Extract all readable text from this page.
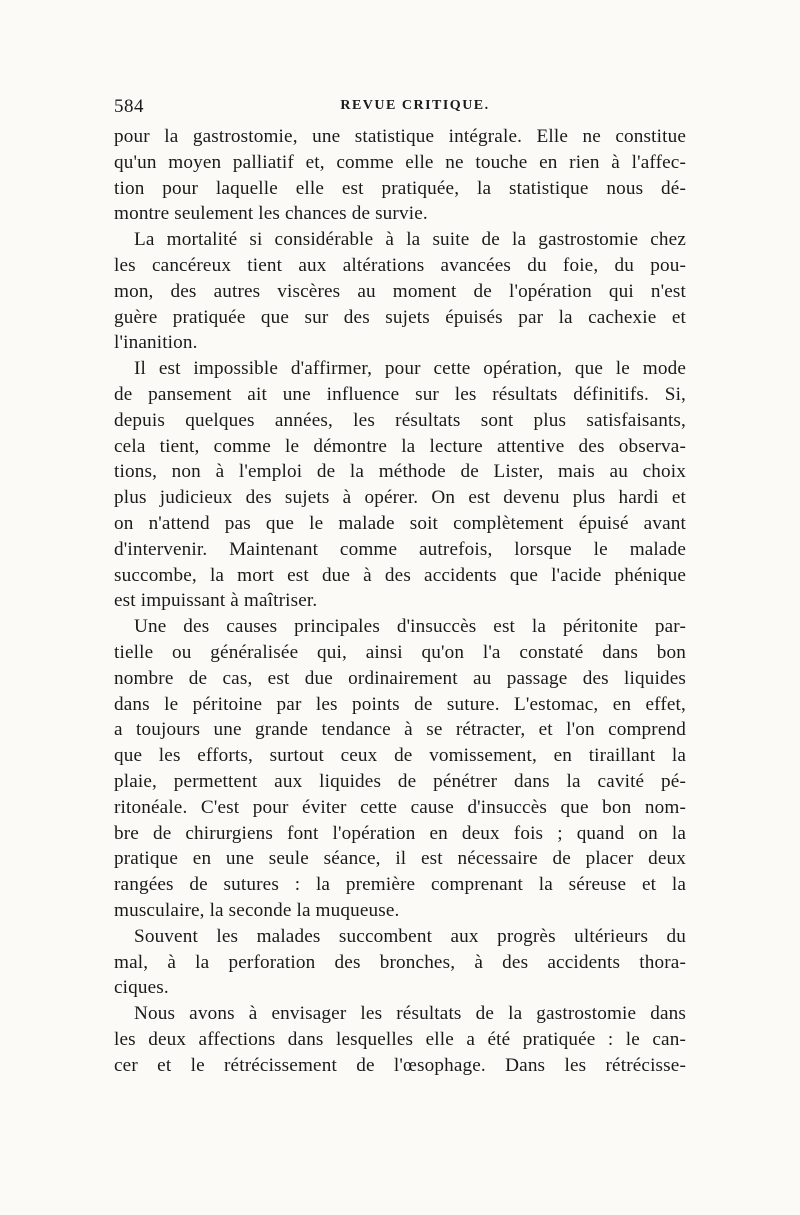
584	REVUE CRITIQUE.
pour la gastrostomie, une statistique intégrale. Elle ne constitue
qu'un moyen palliatif et, comme elle ne touche en rien à l'affec-
tion pour laquelle elle est pratiquée, la statistique nous dé-
montre seulement les chances de survie.
La mortalité si considérable à la suite de la gastrostomie chez
les cancéreux tient aux altérations avancées du foie, du pou-
mon, des autres viscères au moment de l'opération qui n'est
guère pratiquée que sur des sujets épuisés par la cachexie et
l'inanition.
Il est impossible d'affirmer, pour cette opération, que le mode
de pansement ait une influence sur les résultats définitifs. Si,
depuis quelques années, les résultats sont plus satisfaisants,
cela tient, comme le démontre la lecture attentive des observa-
tions, non à l'emploi de la méthode de Lister, mais au choix
plus judicieux des sujets à opérer. On est devenu plus hardi et
on n'attend pas que le malade soit complètement épuisé avant
d'intervenir. Maintenant comme autrefois, lorsque le malade
succombe, la mort est due à des accidents que l'acide phénique
est impuissant à maîtriser.
Une des causes principales d'insuccès est la péritonite par-
tielle ou généralisée qui, ainsi qu'on l'a constaté dans bon
nombre de cas, est due ordinairement au passage des liquides
dans le péritoine par les points de suture. L'estomac, en effet,
a toujours une grande tendance à se rétracter, et l'on comprend
que les efforts, surtout ceux de vomissement, en tiraillant la
plaie, permettent aux liquides de pénétrer dans la cavité pé-
ritonéale. C'est pour éviter cette cause d'insuccès que bon nom-
bre de chirurgiens font l'opération en deux fois ; quand on la
pratique en une seule séance, il est nécessaire de placer deux
rangées de sutures : la première comprenant la séreuse et la
musculaire, la seconde la muqueuse.
Souvent les malades succombent aux progrès ultérieurs du
mal, à la perforation des bronches, à des accidents thora-
ciques.
Nous avons à envisager les résultats de la gastrostomie dans
les deux affections dans lesquelles elle a été pratiquée : le can-
cer et le rétrécissement de l'œsophage. Dans les rétrécisse-
